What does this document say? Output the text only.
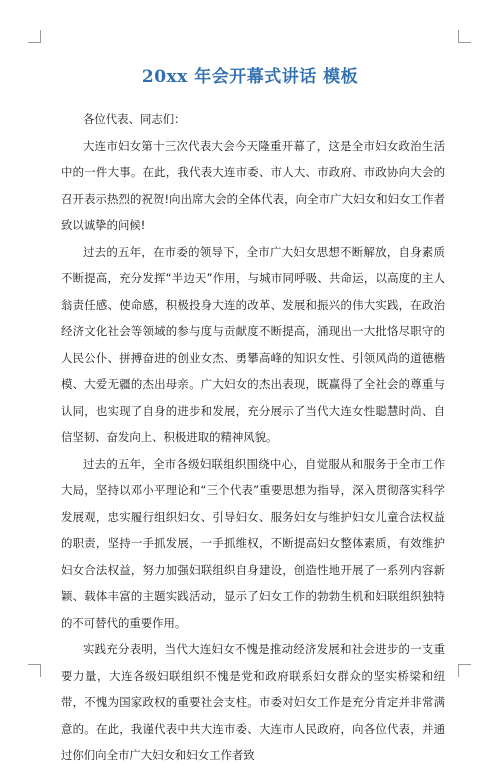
20xx 年会开幕式讲话 模板

各位代表、同志们：

大连市妇女第十三次代表大会今天隆重开幕了，这是全市妇女政治生活中的一件大事。在此，我代表大连市委、市人大、市政府、市政协向大会的召开表示热烈的祝贺!向出席大会的全体代表，向全市广大妇女和妇女工作者致以诚挚的问候!

过去的五年，在市委的领导下，全市广大妇女思想不断解放，自身素质不断提高，充分发挥“半边天”作用，与城市同呼吸、共命运，以高度的主人翁责任感、使命感，积极投身大连的改革、发展和振兴的伟大实践，在政治经济文化社会等领域的参与度与贡献度不断提高，涌现出一大批恪尽职守的人民公仆、拼搏奋进的创业女杰、勇攀高峰的知识女性、引领风尚的道德楷模、大爱无疆的杰出母亲。广大妇女的杰出表现，既赢得了全社会的尊重与认同，也实现了自身的进步和发展，充分展示了当代大连女性聪慧时尚、自信坚韧、奋发向上、积极进取的精神风貌。

过去的五年，全市各级妇联组织围绕中心，自觉服从和服务于全市工作大局，坚持以邓小平理论和“三个代表”重要思想为指导，深入贯彻落实科学发展观，忠实履行组织妇女、引导妇女、服务妇女与维护妇女儿童合法权益的职责，坚持一手抓发展，一手抓维权，不断提高妇女整体素质，有效维护妇女合法权益，努力加强妇联组织自身建设，创造性地开展了一系列内容新颖、载体丰富的主题实践活动，显示了妇女工作的勃勃生机和妇联组织独特的不可替代的重要作用。

实践充分表明，当代大连妇女不愧是推动经济发展和社会进步的一支重要力量，大连各级妇联组织不愧是党和政府联系妇女群众的坚实桥梁和纽带，不愧为国家政权的重要社会支柱。市委对妇女工作是充分肯定并非常满意的。在此，我谨代表中共大连市委、大连市人民政府，向各位代表，并通过你们向全市广大妇女和妇女工作者致
